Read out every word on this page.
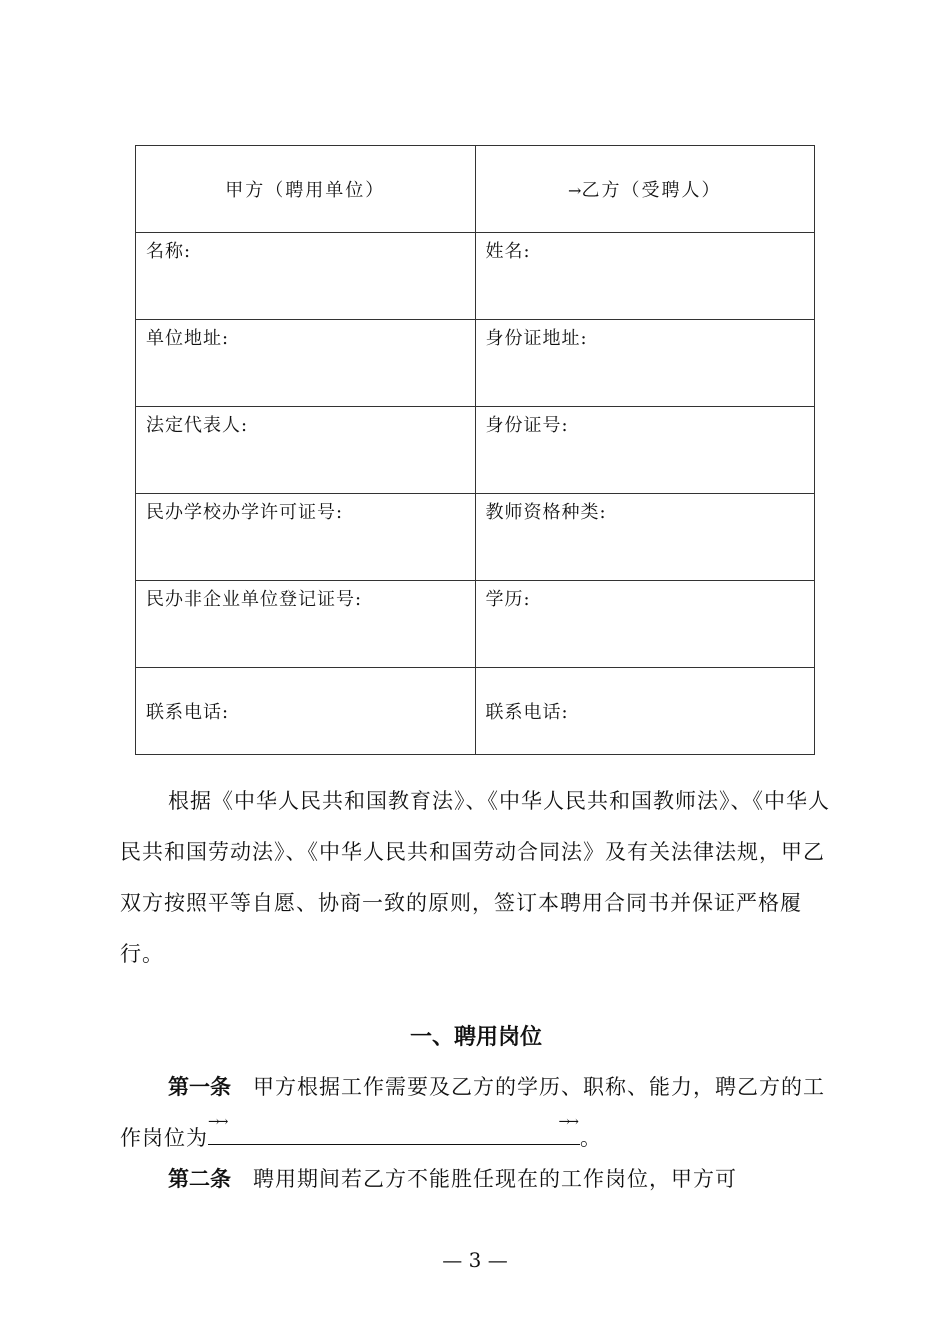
甲方（聘用单位）	→乙方（受聘人）

名称:	姓名:

单位地址:	身份证地址:

法定代表人:	身份证号:

民办学校办学许可证号:	教师资格种类:

民办非企业单位登记证号:	学历:

联系电话:	联系电话:

根据《中华人民共和国教育法》、《中华人民共和国教师法》、《中华人民共和国劳动法》、《中华人民共和国劳动合同法》及有关法律法规，甲乙双方按照平等自愿、协商一致的原则，签订本聘用合同书并保证严格履行。

一、聘用岗位

第一条 甲方根据工作需要及乙方的学历、职称、能力，聘乙方的工作岗位为
→→	→→
。

第二条 聘用期间若乙方不能胜任现在的工作岗位，甲方可

— 3 —
